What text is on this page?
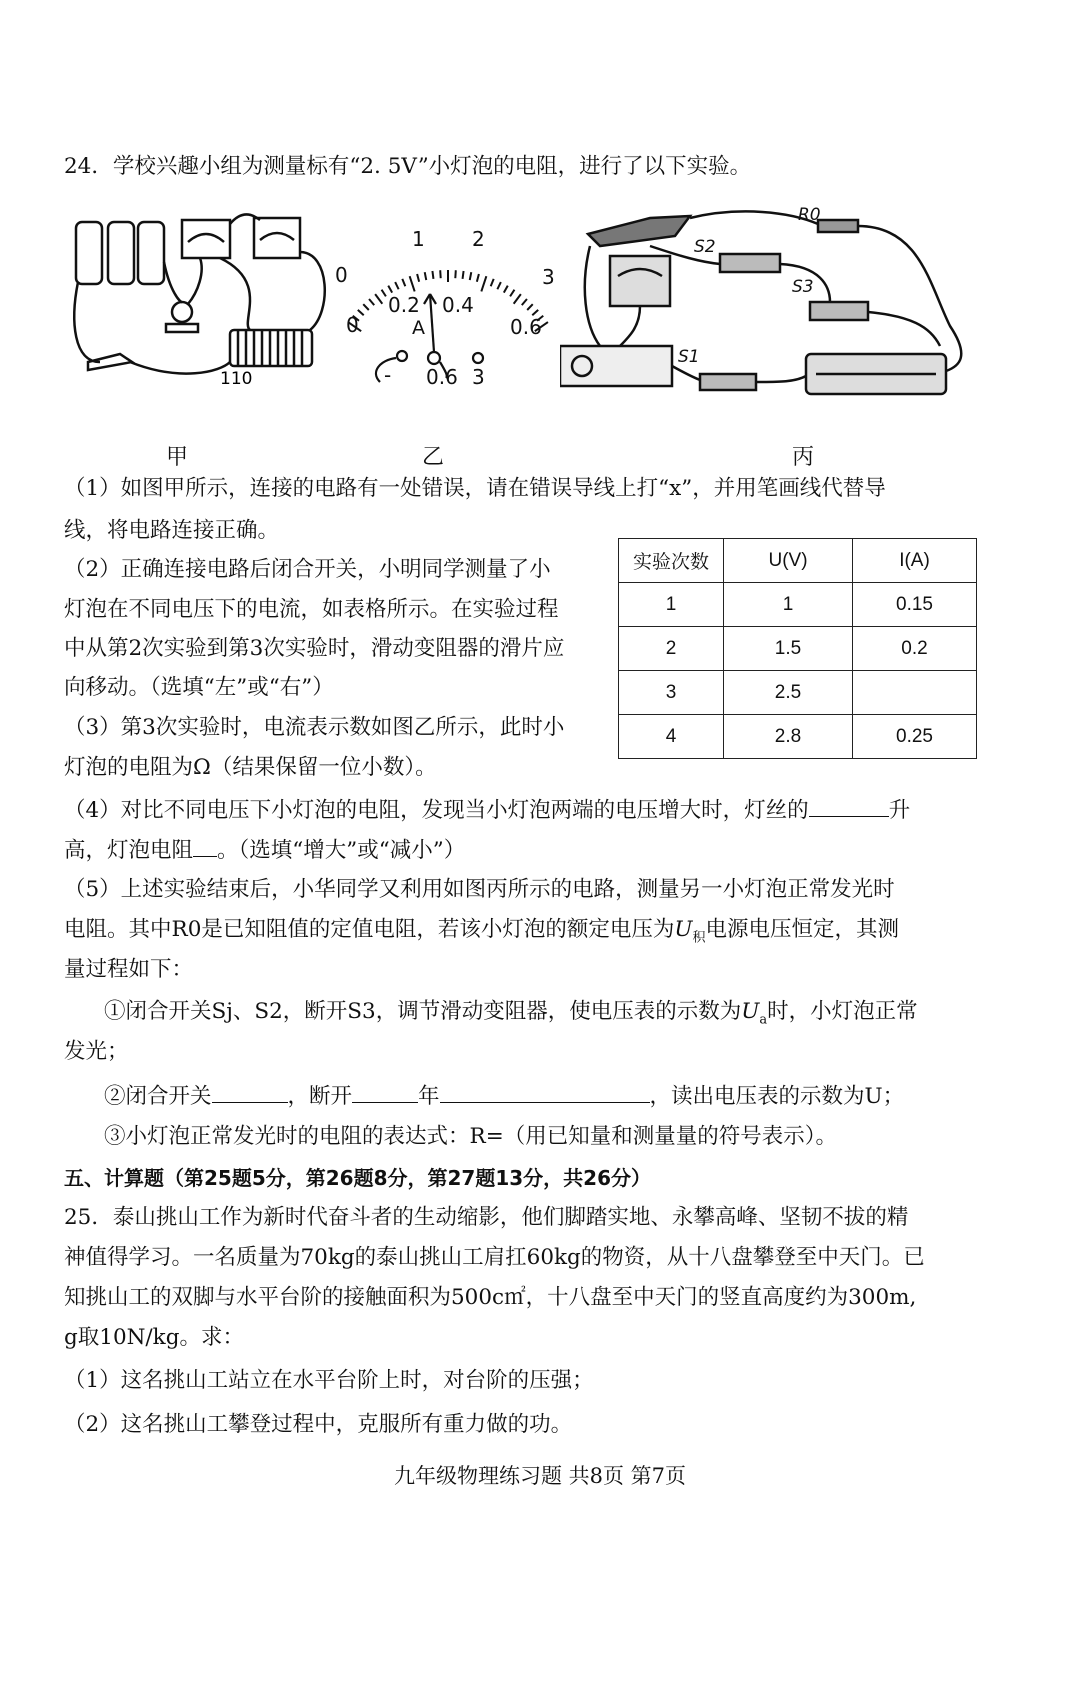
24．学校兴趣小组为测量标有“2. 5V”小灯泡的电阻，进行了以下实验。
110
0
1 2
3
0
0.2 0.4
0.6
A
- 0.6 3
R0
S2
S3
S1
甲	乙	丙
（1）如图甲所示，连接的电路有一处错误，请在错误导线上打“x”，并用笔画线代替导
线，将电路连接正确。
（2）正确连接电路后闭合开关，小明同学测量了小
灯泡在不同电压下的电流，如表格所示。在实验过程
中从第2次实验到第3次实验时，滑动变阻器的滑片应
向移动。（选填“左”或“右”）
（3）第3次实验时，电流表示数如图乙所示，此时小
灯泡的电阻为Ω（结果保留一位小数）。
实验次数	U(V)	I(A)
1	1	0.15
2	1.5	0.2
3	2.5	
4	2.8	0.25
（4）对比不同电压下小灯泡的电阻，发现当小灯泡两端的电压增大时，灯丝的	升
高，灯泡电阻 。（选填“增大”或“减小”）
（5）上述实验结束后，小华同学又利用如图丙所示的电路，测量另一小灯泡正常发光时
电阻。其中R0是已知阻值的定值电阻，若该小灯泡的额定电压为$U_积$电源电压恒定，其测
量过程如下：
①闭合开关Sj、S2，断开S3，调节滑动变阻器，使电压表的示数为$U_a$时，小灯泡正常
发光；
②闭合开关	，断开	年	，读出电压表的示数为U；
③小灯泡正常发光时的电阻的表达式：R=（用已知量和测量量的符号表示）。
五、计算题（第25题5分，第26题8分，第27题13分，共26分）
25．泰山挑山工作为新时代奋斗者的生动缩影，他们脚踏实地、永攀高峰、坚韧不拔的精
神值得学习。一名质量为70kg的泰山挑山工肩扛60kg的物资，从十八盘攀登至中天门。已
知挑山工的双脚与水平台阶的接触面积为500c㎡，十八盘至中天门的竖直高度约为300m,
g取10N/kg。求：
（1）这名挑山工站立在水平台阶上时，对台阶的压强；
（2）这名挑山工攀登过程中，克服所有重力做的功。
九年级物理练习题 共8页 第7页
